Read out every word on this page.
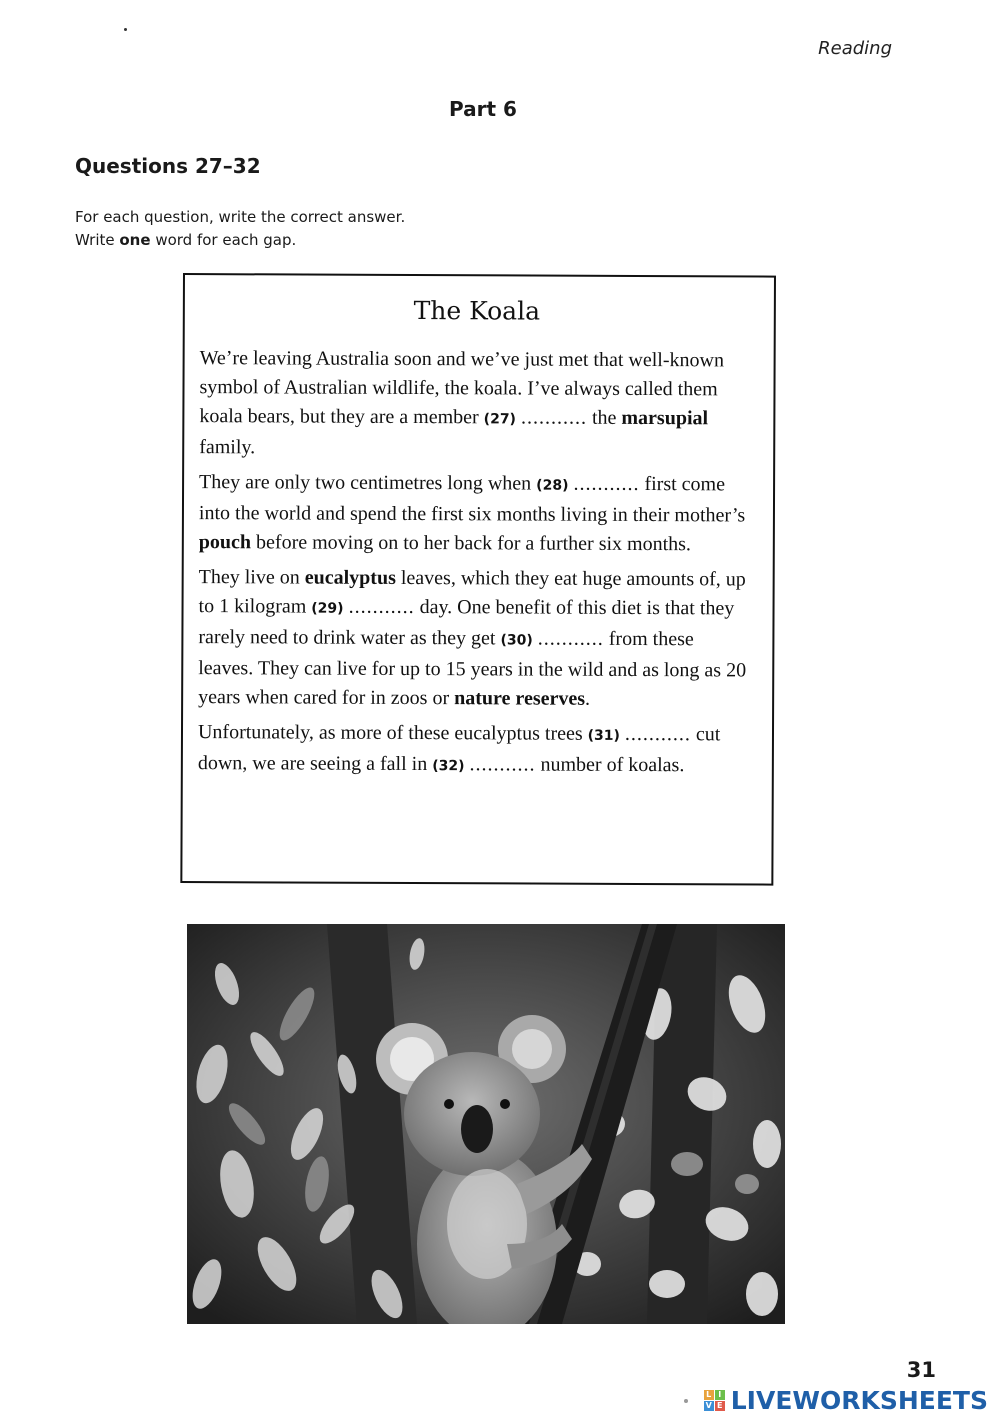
Reading
Part 6
Questions 27–32
For each question, write the correct answer.
Write one word for each gap.
The Koala

We’re leaving Australia soon and we’ve just met that well-known symbol of Australian wildlife, the koala. I’ve always called them koala bears, but they are a member (27) ........... the marsupial family.

They are only two centimetres long when (28) ........... first come into the world and spend the first six months living in their mother’s pouch before moving on to her back for a further six months.

They live on eucalyptus leaves, which they eat huge amounts of, up to 1 kilogram (29) ........... day. One benefit of this diet is that they rarely need to drink water as they get (30) ........... from these leaves. They can live for up to 15 years in the wild and as long as 20 years when cared for in zoos or nature reserves.

Unfortunately, as more of these eucalyptus trees (31) ........... cut down, we are seeing a fall in (32) ........... number of koalas.

31
L I
V E LIVEWORKSHEETS
